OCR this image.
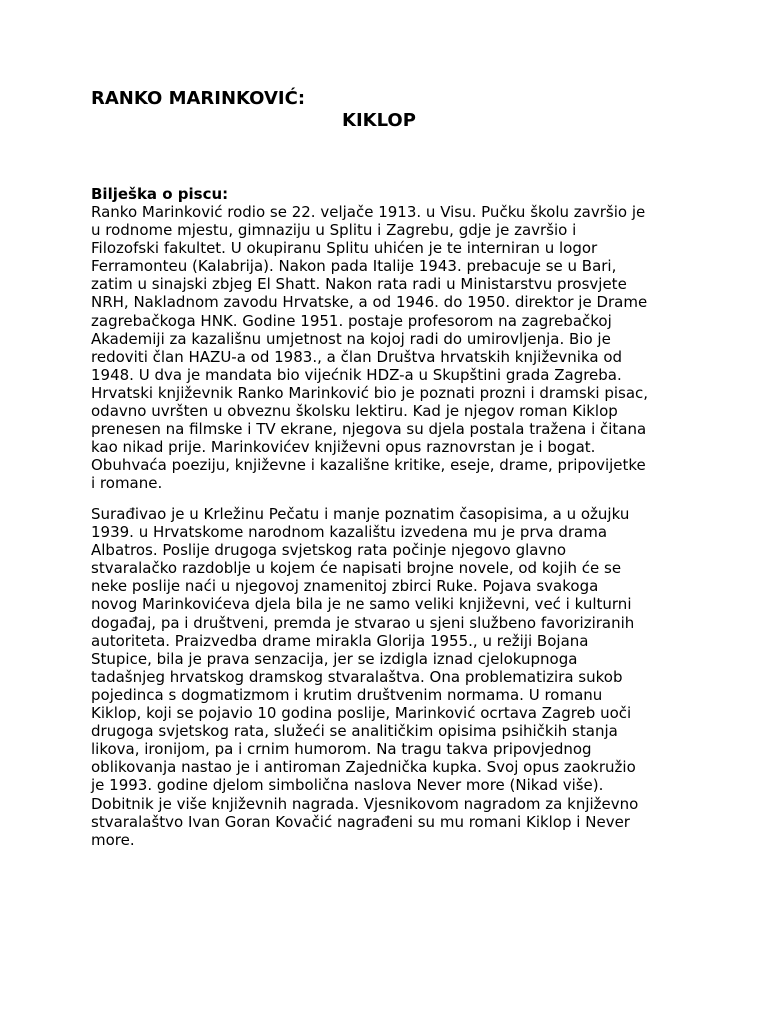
RANKO MARINKOVIĆ:
KIKLOP
Bilješka o piscu:
Ranko Marinković rodio se 22. veljače 1913. u Visu. Pučku školu završio je
u rodnome mjestu, gimnaziju u Splitu i Zagrebu, gdje je završio i
Filozofski fakultet. U okupiranu Splitu uhićen je te interniran u logor
Ferramonteu (Kalabrija). Nakon pada Italije 1943. prebacuje se u Bari,
zatim u sinajski zbjeg El Shatt. Nakon rata radi u Ministarstvu prosvjete
NRH, Nakladnom zavodu Hrvatske, a od 1946. do 1950. direktor je Drame
zagrebačkoga HNK. Godine 1951. postaje profesorom na zagrebačkoj
Akademiji za kazališnu umjetnost na kojoj radi do umirovljenja. Bio je
redoviti član HAZU-a od 1983., a član Društva hrvatskih književnika od
1948. U dva je mandata bio vijećnik HDZ-a u Skupštini grada Zagreba.
Hrvatski književnik Ranko Marinković bio je poznati prozni i dramski pisac,
odavno uvršten u obveznu školsku lektiru. Kad je njegov roman Kiklop
prenesen na filmske i TV ekrane, njegova su djela postala tražena i čitana
kao nikad prije. Marinkovićev književni opus raznovrstan je i bogat.
Obuhvaća poeziju, književne i kazališne kritike, eseje, drame, pripovijetke
i romane.
Surađivao je u Krležinu Pečatu i manje poznatim časopisima, a u ožujku
1939. u Hrvatskome narodnom kazalištu izvedena mu je prva drama
Albatros. Poslije drugoga svjetskog rata počinje njegovo glavno
stvaralačko razdoblje u kojem će napisati brojne novele, od kojih će se
neke poslije naći u njegovoj znamenitoj zbirci Ruke. Pojava svakoga
novog Marinkovićeva djela bila je ne samo veliki književni, već i kulturni
događaj, pa i društveni, premda je stvarao u sjeni službeno favoriziranih
autoriteta. Praizvedba drame mirakla Glorija 1955., u režiji Bojana
Stupice, bila je prava senzacija, jer se izdigla iznad cjelokupnoga
tadašnjeg hrvatskog dramskog stvaralaštva. Ona problematizira sukob
pojedinca s dogmatizmom i krutim društvenim normama. U romanu
Kiklop, koji se pojavio 10 godina poslije, Marinković ocrtava Zagreb uoči
drugoga svjetskog rata, služeći se analitičkim opisima psihičkih stanja
likova, ironijom, pa i crnim humorom. Na tragu takva pripovjednog
oblikovanja nastao je i antiroman Zajednička kupka. Svoj opus zaokružio
je 1993. godine djelom simbolična naslova Never more (Nikad više).
Dobitnik je više književnih nagrada. Vjesnikovom nagradom za književno
stvaralaštvo Ivan Goran Kovačić nagrađeni su mu romani Kiklop i Never
more.
